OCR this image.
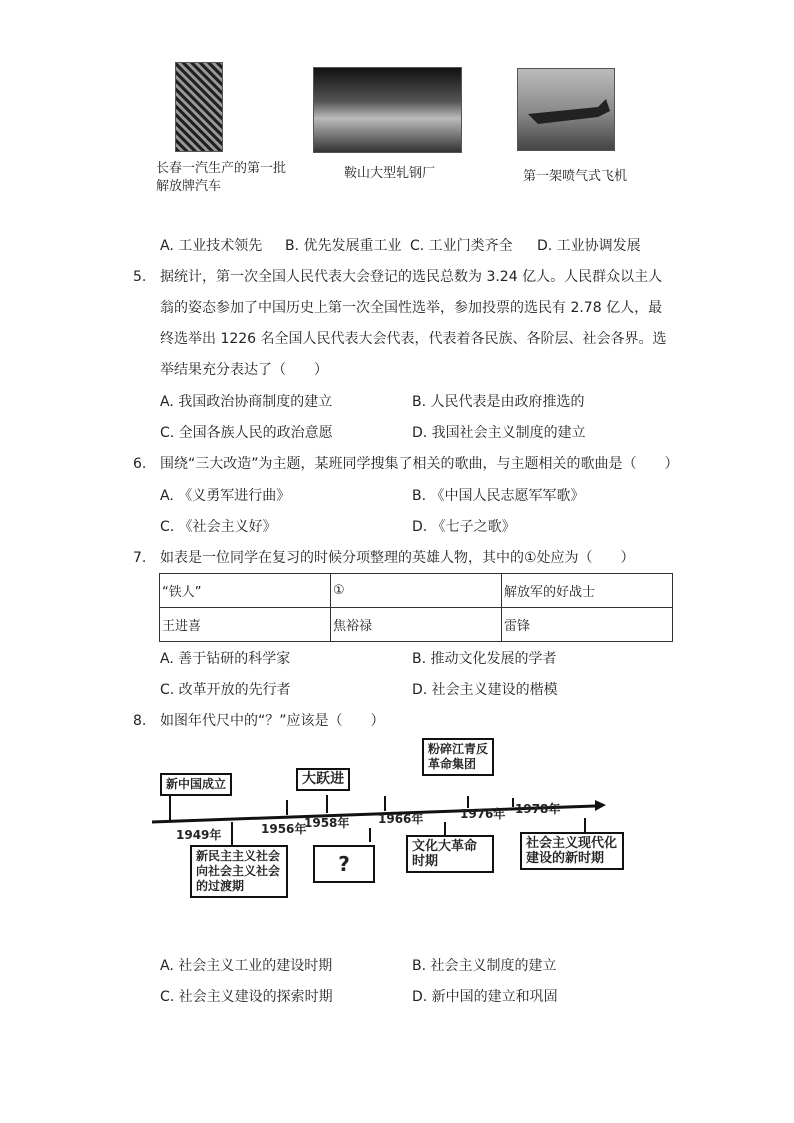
长春一汽生产的第一批解放牌汽车
鞍山大型轧钢厂	第一架喷气式飞机
A. 工业技术领先 B. 优先发展重工业 C. 工业门类齐全 D. 工业协调发展
5. 据统计，第一次全国人民代表大会登记的选民总数为 3.24 亿人。人民群众以主人
翁的姿态参加了中国历史上第一次全国性选举，参加投票的选民有 2.78 亿人，最
终选举出 1226 名全国人民代表大会代表，代表着各民族、各阶层、社会各界。选
举结果充分表达了（　　）
A. 我国政治协商制度的建立	B. 人民代表是由政府推选的
C. 全国各族人民的政治意愿	D. 我国社会主义制度的建立
6. 围绕“三大改造”为主题，某班同学搜集了相关的歌曲，与主题相关的歌曲是（　　）
A. 《义勇军进行曲》	B. 《中国人民志愿军军歌》
C. 《社会主义好》	D. 《七子之歌》
7. 如表是一位同学在复习的时候分项整理的英雄人物，其中的①处应为（　　）
“铁人”	①	解放军的好战士
王进喜	焦裕禄	雷锋
A. 善于钻研的科学家	B. 推动文化发展的学者
C. 改革开放的先行者	D. 社会主义建设的楷模
8. 如图年代尺中的“？”应该是（　　）
新中国成立	大跃进
粉碎江青反革命集团
1949年	1956年
1958年 1966年	1976年 1978年
新民主主义社会向社会主义社会的过渡期
?
文化大革命时期
社会主义现代化建设的新时期
A. 社会主义工业的建设时期	B. 社会主义制度的建立
C. 社会主义建设的探索时期	D. 新中国的建立和巩固
